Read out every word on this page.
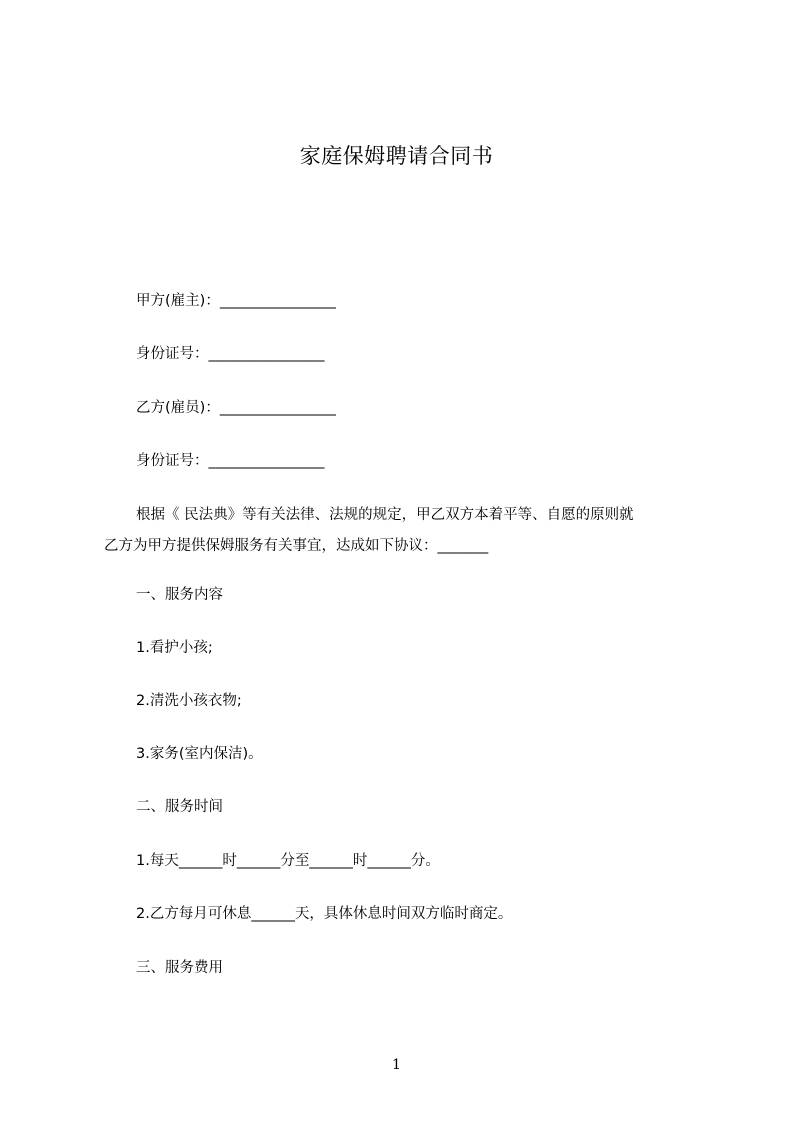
家庭保姆聘请合同书
甲方(雇主)：________________
身份证号：________________
乙方(雇员)：________________
身份证号：________________
根据《 民法典》等有关法律、法规的规定，甲乙双方本着平等、自愿的原则就
乙方为甲方提供保姆服务有关事宜，达成如下协议：_______
一、服务内容
1.看护小孩;
2.清洗小孩衣物;
3.家务(室内保洁)。
二、服务时间
1.每天______时______分至______时______分。
2.乙方每月可休息______天，具体休息时间双方临时商定。
三、服务费用
1
